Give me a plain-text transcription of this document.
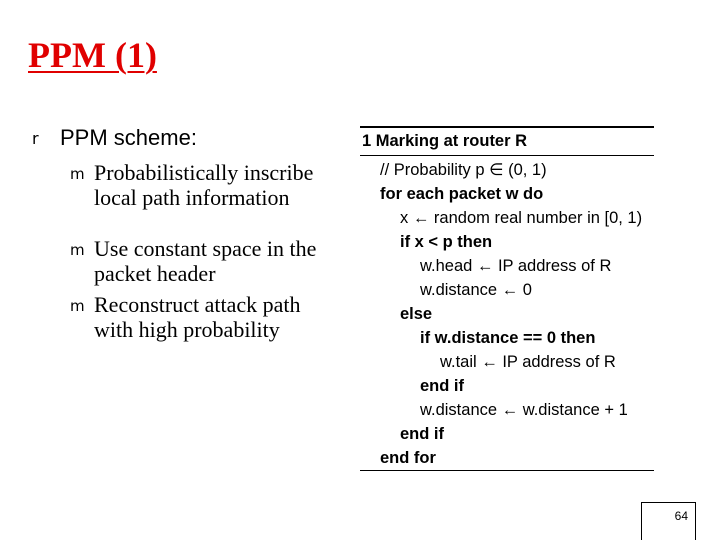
PPM (1)
r PPM scheme:
m Probabilistically inscribe local path information
m Use constant space in the packet header
m Reconstruct attack path with high probability
1 Marking at router R
// Probability p ∈ (0, 1)
for each packet w do
x ← random real number in [0, 1)
if x < p then
w.head ← IP address of R
w.distance ← 0
else
if w.distance == 0 then
w.tail ← IP address of R
end if
w.distance ← w.distance + 1
end if
end for
64
